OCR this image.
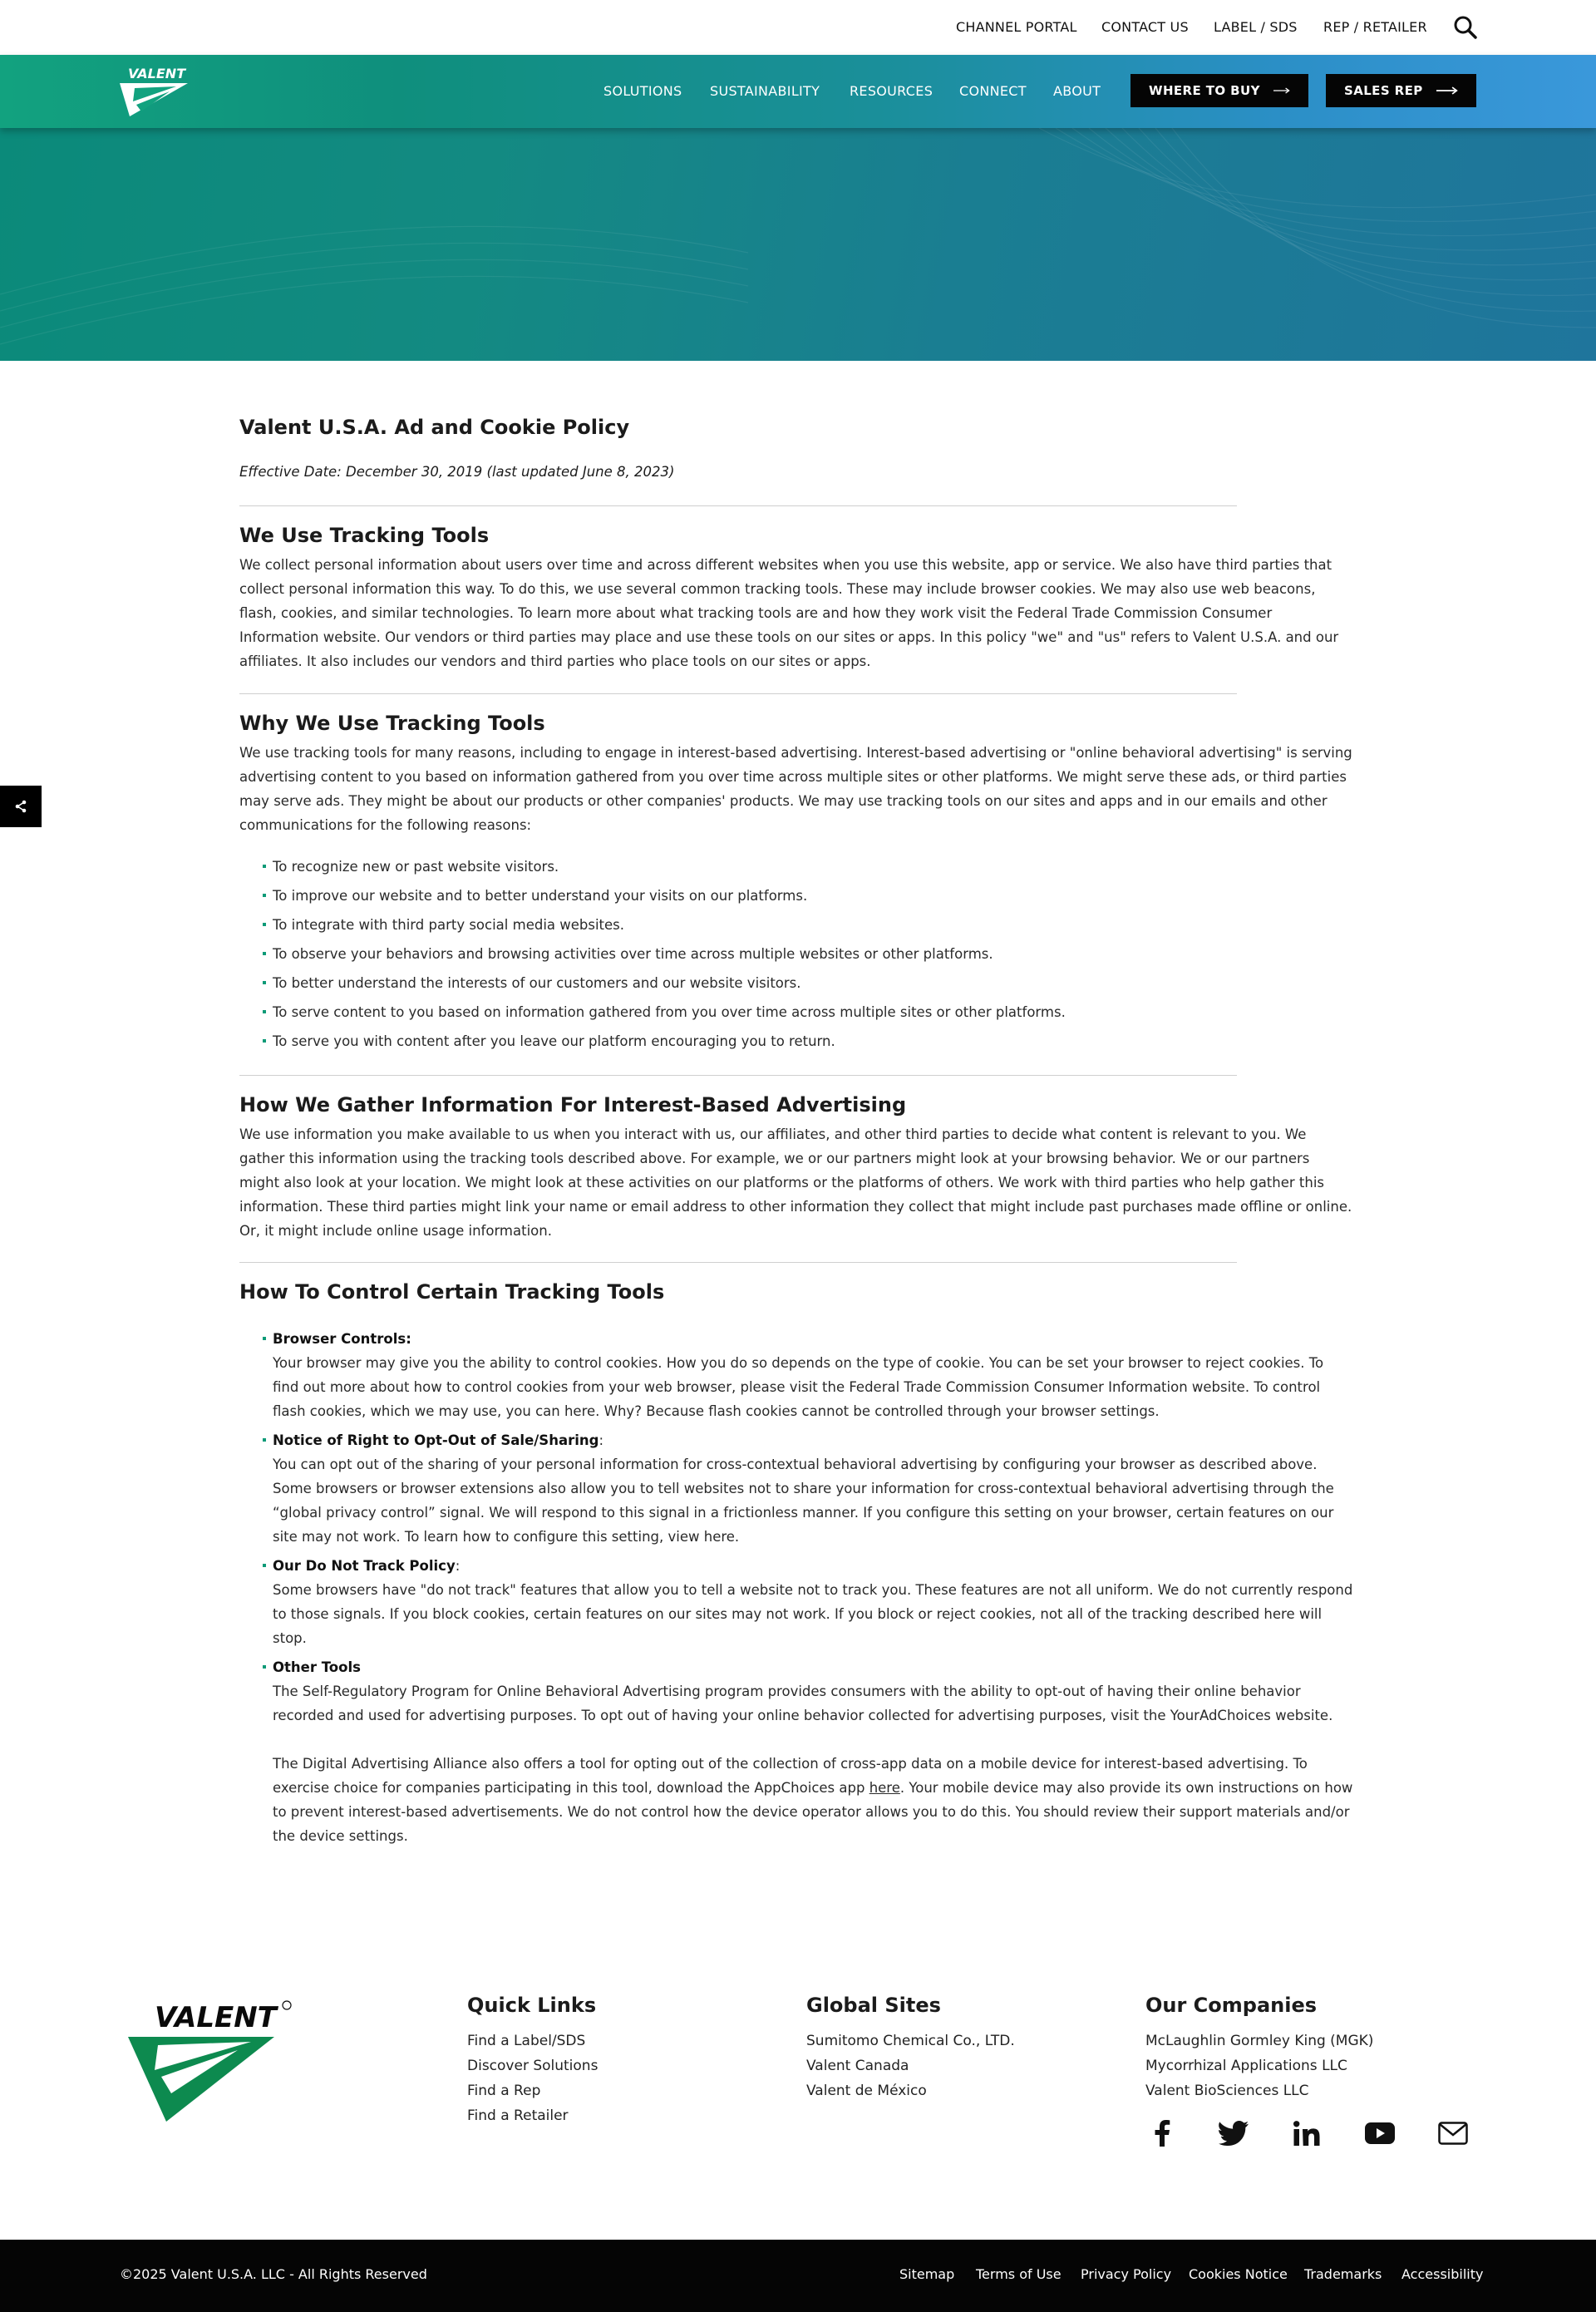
CHANNEL PORTAL CONTACT US LABEL / SDS REP / RETAILER
VALENT
SOLUTIONS SUSTAINABILITY RESOURCES CONNECT ABOUT	WHERE TO BUY	SALES REP
Valent U.S.A. Ad and Cookie Policy

Effective Date: December 30, 2019 (last updated June 8, 2023)

We Use Tracking Tools

We collect personal information about users over time and across different websites when you use this website, app or service. We also have third parties that collect personal information this way. To do this, we use several common tracking tools. These may include browser cookies. We may also use web beacons, flash, cookies, and similar technologies. To learn more about what tracking tools are and how they work visit the Federal Trade Commission Consumer Information website. Our vendors or third parties may place and use these tools on our sites or apps. In this policy "we" and "us" refers to Valent U.S.A. and our affiliates. It also includes our vendors and third parties who place tools on our sites or apps.

Why We Use Tracking Tools

We use tracking tools for many reasons, including to engage in interest-based advertising. Interest-based advertising or "online behavioral advertising" is serving advertising content to you based on information gathered from you over time across multiple sites or other platforms. We might serve these ads, or third parties may serve ads. They might be about our products or other companies' products. We may use tracking tools on our sites and apps and in our emails and other communications for the following reasons:

To recognize new or past website visitors.
To improve our website and to better understand your visits on our platforms.
To integrate with third party social media websites.
To observe your behaviors and browsing activities over time across multiple websites or other platforms.
To better understand the interests of our customers and our website visitors.
To serve content to you based on information gathered from you over time across multiple sites or other platforms.
To serve you with content after you leave our platform encouraging you to return.
How We Gather Information For Interest-Based Advertising

We use information you make available to us when you interact with us, our affiliates, and other third parties to decide what content is relevant to you. We gather this information using the tracking tools described above. For example, we or our partners might look at your browsing behavior. We or our partners might also look at your location. We might look at these activities on our platforms or the platforms of others. We work with third parties who help gather this information. These third parties might link your name or email address to other information they collect that might include past purchases made offline or online. Or, it might include online usage information.

How To Control Certain Tracking Tools

Browser Controls:

Your browser may give you the ability to control cookies. How you do so depends on the type of cookie. You can be set your browser to reject cookies. To find out more about how to control cookies from your web browser, please visit the Federal Trade Commission Consumer Information website. To control flash cookies, which we may use, you can here. Why? Because flash cookies cannot be controlled through your browser settings.

Notice of Right to Opt-Out of Sale/Sharing:

You can opt out of the sharing of your personal information for cross-contextual behavioral advertising by configuring your browser as described above. Some browsers or browser extensions also allow you to tell websites not to share your information for cross-contextual behavioral advertising through the “global privacy control” signal. We will respond to this signal in a frictionless manner. If you configure this setting on your browser, certain features on our site may not work. To learn how to configure this setting, view here.

Our Do Not Track Policy:

Some browsers have "do not track" features that allow you to tell a website not to track you. These features are not all uniform. We do not currently respond to those signals. If you block cookies, certain features on our sites may not work. If you block or reject cookies, not all of the tracking described here will stop.

Other Tools

The Self-Regulatory Program for Online Behavioral Advertising program provides consumers with the ability to opt-out of having their online behavior recorded and used for advertising purposes. To opt out of having your online behavior collected for advertising purposes, visit the YourAdChoices website.

The Digital Advertising Alliance also offers a tool for opting out of the collection of cross-app data on a mobile device for interest-based advertising. To exercise choice for companies participating in this tool, download the AppChoices app here. Your mobile device may also provide its own instructions on how to prevent interest-based advertisements. We do not control how the device operator allows you to do this. You should review their support materials and/or the device settings.

VALENT	Quick Links
Find a Label/SDS
Discover Solutions
Find a Rep
Find a Retailer
Global Sites
Sumitomo Chemical Co., LTD.
Valent Canada
Valent de México
Our Companies
McLaughlin Gormley King (MGK)
Mycorrhizal Applications LLC
Valent BioSciences LLC
©2025 Valent U.S.A. LLC - All Rights Reserved	Sitemap Terms of Use Privacy Policy Cookies Notice Trademarks Accessibility
